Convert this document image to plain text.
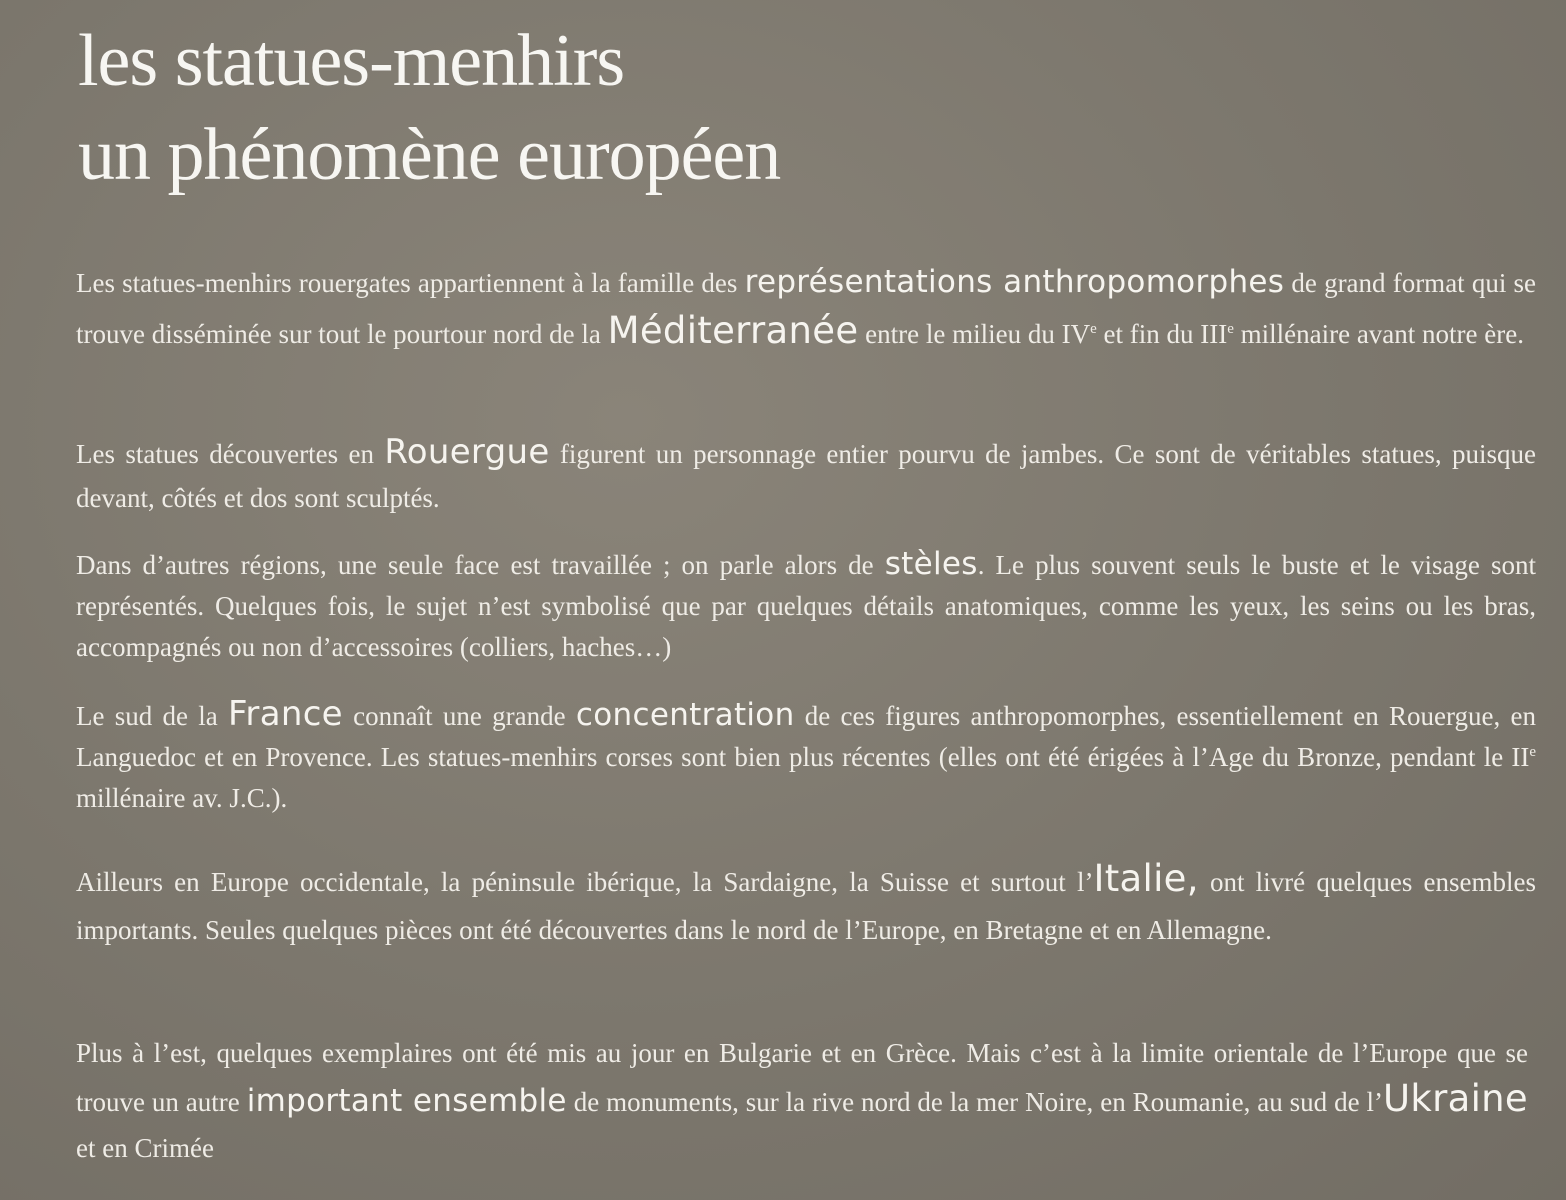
les statues-menhirs
un phénomène européen

Les statues-menhirs rouergates appartiennent à la famille des représentations anthropomorphes de grand format qui se trouve disséminée sur tout le pourtour nord de la Méditerranée entre le milieu du IVe et fin du IIIe millénaire avant notre ère.

Les statues découvertes en Rouergue figurent un personnage entier pourvu de jambes. Ce sont de véritables statues, puisque devant, côtés et dos sont sculptés.

Dans d’autres régions, une seule face est travaillée ; on parle alors de stèles. Le plus souvent seuls le buste et le visage sont représentés. Quelques fois, le sujet n’est symbolisé que par quelques détails anatomiques, comme les yeux, les seins ou les bras, accompagnés ou non d’accessoires (colliers, haches…)

Le sud de la France connaît une grande concentration de ces figures anthropomorphes, essentiellement en Rouergue, en Languedoc et en Provence. Les statues-menhirs corses sont bien plus récentes (elles ont été érigées à l’Age du Bronze, pendant le IIe millénaire av. J.C.).

Ailleurs en Europe occidentale, la péninsule ibérique, la Sardaigne, la Suisse et surtout l’Italie, ont livré quelques ensembles importants. Seules quelques pièces ont été découvertes dans le nord de l’Europe, en Bretagne et en Allemagne.

Plus à l’est, quelques exemplaires ont été mis au jour en Bulgarie et en Grèce. Mais c’est à la limite orientale de l’Europe que se trouve un autre important ensemble de monuments, sur la rive nord de la mer Noire, en Roumanie, au sud de l’Ukraine et en Crimée
